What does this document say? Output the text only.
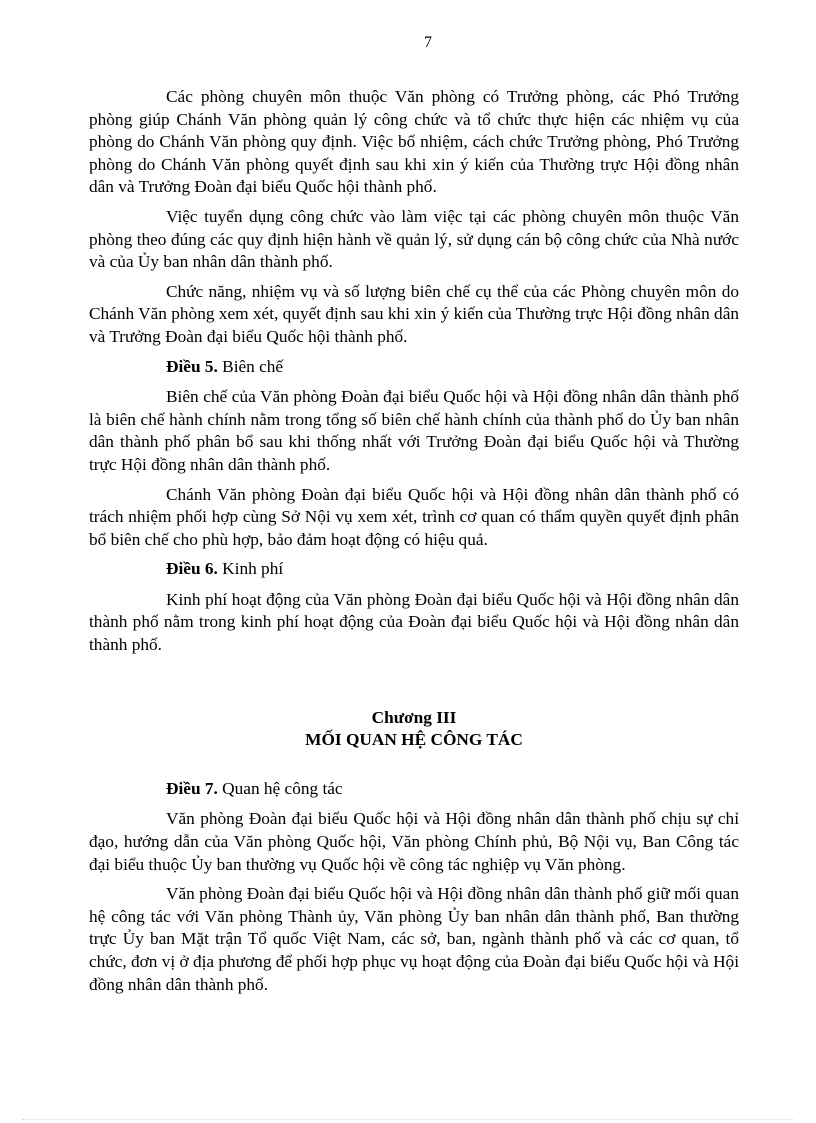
7

Các phòng chuyên môn thuộc Văn phòng có Trưởng phòng, các Phó Trưởng phòng giúp Chánh Văn phòng quản lý công chức và tổ chức thực hiện các nhiệm vụ của phòng do Chánh Văn phòng quy định. Việc bổ nhiệm, cách chức Trưởng phòng, Phó Trưởng phòng do Chánh Văn phòng quyết định sau khi xin ý kiến của Thường trực Hội đồng nhân dân và Trưởng Đoàn đại biểu Quốc hội thành phố.

Việc tuyển dụng công chức vào làm việc tại các phòng chuyên môn thuộc Văn phòng theo đúng các quy định hiện hành về quản lý, sử dụng cán bộ công chức của Nhà nước và của Ủy ban nhân dân thành phố.

Chức năng, nhiệm vụ và số lượng biên chế cụ thể của các Phòng chuyên môn do Chánh Văn phòng xem xét, quyết định sau khi xin ý kiến của Thường trực Hội đồng nhân dân và Trưởng Đoàn đại biểu Quốc hội thành phố.

Điều 5. Biên chế

Biên chế của Văn phòng Đoàn đại biểu Quốc hội và Hội đồng nhân dân thành phố là biên chế hành chính nằm trong tổng số biên chế hành chính của thành phố do Ủy ban nhân dân thành phố phân bổ sau khi thống nhất với Trưởng Đoàn đại biểu Quốc hội và Thường trực Hội đồng nhân dân thành phố.

Chánh Văn phòng Đoàn đại biểu Quốc hội và Hội đồng nhân dân thành phố có trách nhiệm phối hợp cùng Sở Nội vụ xem xét, trình cơ quan có thẩm quyền quyết định phân bổ biên chế cho phù hợp, bảo đảm hoạt động có hiệu quả.

Điều 6. Kinh phí

Kinh phí hoạt động của Văn phòng Đoàn đại biểu Quốc hội và Hội đồng nhân dân thành phố nằm trong kinh phí hoạt động của Đoàn đại biểu Quốc hội và Hội đồng nhân dân thành phố.

Chương III
MỐI QUAN HỆ CÔNG TÁC

Điều 7. Quan hệ công tác

Văn phòng Đoàn đại biểu Quốc hội và Hội đồng nhân dân thành phố chịu sự chỉ đạo, hướng dẫn của Văn phòng Quốc hội, Văn phòng Chính phủ, Bộ Nội vụ, Ban Công tác đại biểu thuộc Ủy ban thường vụ Quốc hội về công tác nghiệp vụ Văn phòng.

Văn phòng Đoàn đại biểu Quốc hội và Hội đồng nhân dân thành phố giữ mối quan hệ công tác với Văn phòng Thành ủy, Văn phòng Ủy ban nhân dân thành phố, Ban thường trực Ủy ban Mặt trận Tổ quốc Việt Nam, các sở, ban, ngành thành phố và các cơ quan, tổ chức, đơn vị ở địa phương để phối hợp phục vụ hoạt động của Đoàn đại biểu Quốc hội và Hội đồng nhân dân thành phố.
